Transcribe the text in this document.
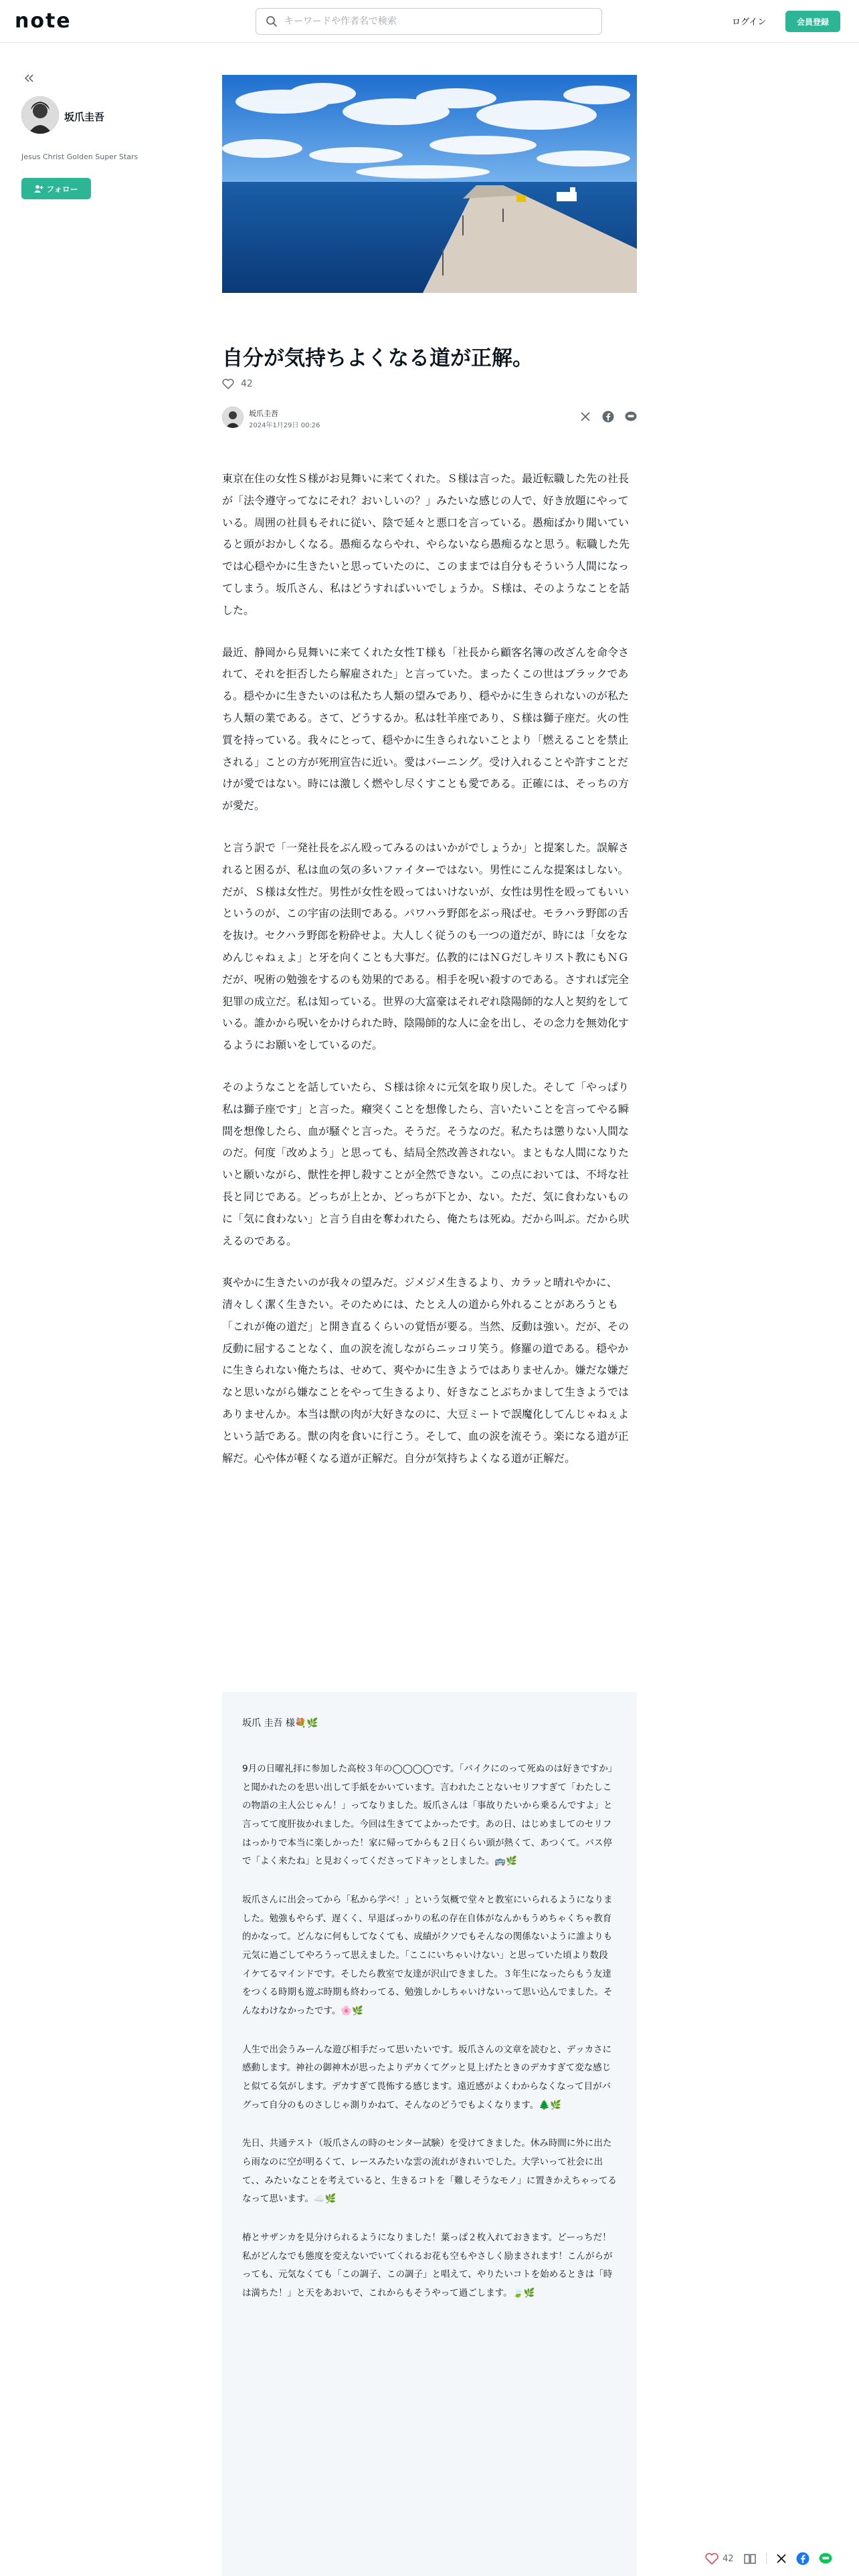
note
キーワードや作者名で検索	ログイン	会員登録
坂爪圭吾
Jesus Christ Golden Super Stars
フォロー
自分が気持ちよくなる道が正解。
42
坂爪圭吾
2024年1月29日 00:26

東京在住の女性Ｓ様がお見舞いに来てくれた。Ｓ様は言った。最近転職した先の社長が「法令遵守ってなにそれ？おいしいの？」みたいな感じの人で、好き放題にやっている。周囲の社員もそれに従い、陰で延々と悪口を言っている。愚痴ばかり聞いていると頭がおかしくなる。愚痴るならやれ、やらないなら愚痴るなと思う。転職した先では心穏やかに生きたいと思っていたのに、このままでは自分もそういう人間になってしまう。坂爪さん、私はどうすればいいでしょうか。Ｓ様は、そのようなことを話した。

最近、静岡から見舞いに来てくれた女性Ｔ様も「社長から顧客名簿の改ざんを命令されて、それを拒否したら解雇された」と言っていた。まったくこの世はブラックである。穏やかに生きたいのは私たち人類の望みであり、穏やかに生きられないのが私たち人類の業である。さて、どうするか。私は牡羊座であり、Ｓ様は獅子座だ。火の性質を持っている。我々にとって、穏やかに生きられないことより「燃えることを禁止される」ことの方が死刑宣告に近い。愛はバーニング。受け入れることや許すことだけが愛ではない。時には激しく燃やし尽くすことも愛である。正確には、そっちの方が愛だ。

と言う訳で「一発社長をぶん殴ってみるのはいかがでしょうか」と提案した。誤解されると困るが、私は血の気の多いファイターではない。男性にこんな提案はしない。だが、Ｓ様は女性だ。男性が女性を殴ってはいけないが、女性は男性を殴ってもいいというのが、この宇宙の法則である。パワハラ野郎をぶっ飛ばせ。モラハラ野郎の舌を抜け。セクハラ野郎を粉砕せよ。大人しく従うのも一つの道だが、時には「女をなめんじゃねぇよ」と牙を向くことも大事だ。仏教的にはＮＧだしキリスト教にもＮＧだが、呪術の勉強をするのも効果的である。相手を呪い殺すのである。さすれば完全犯罪の成立だ。私は知っている。世界の大富豪はそれぞれ陰陽師的な人と契約をしている。誰かから呪いをかけられた時、陰陽師的な人に金を出し、その念力を無効化するようにお願いをしているのだ。

そのようなことを話していたら、Ｓ様は徐々に元気を取り戻した。そして「やっぱり私は獅子座です」と言った。癪突くことを想像したら、言いたいことを言ってやる瞬間を想像したら、血が騒ぐと言った。そうだ。そうなのだ。私たちは懲りない人間なのだ。何度「改めよう」と思っても、結局全然改善されない。まともな人間になりたいと願いながら、獣性を押し殺すことが全然できない。この点においては、不埒な社長と同じである。どっちが上とか、どっちが下とか、ない。ただ、気に食わないものに「気に食わない」と言う自由を奪われたら、俺たちは死ぬ。だから叫ぶ。だから吠えるのである。

爽やかに生きたいのが我々の望みだ。ジメジメ生きるより、カラッと晴れやかに、清々しく潔く生きたい。そのためには、たとえ人の道から外れることがあろうとも「これが俺の道だ」と開き直るくらいの覚悟が要る。当然、反動は強い。だが、その反動に屈することなく、血の涙を流しながらニッコリ笑う。修羅の道である。穏やかに生きられない俺たちは、せめて、爽やかに生きようではありませんか。嫌だな嫌だなと思いながら嫌なことをやって生きるより、好きなことぶちかまして生きようではありませんか。本当は獣の肉が大好きなのに、大豆ミートで誤魔化してんじゃねぇよという話である。獣の肉を食いに行こう。そして、血の涙を流そう。楽になる道が正解だ。心や体が軽くなる道が正解だ。自分が気持ちよくなる道が正解だ。

坂爪 圭吾 様💐🌿

9月の日曜礼拝に参加した高校３年の◯◯◯◯です。「バイクにのって死ぬのは好きですか」と聞かれたのを思い出して手紙をかいています。言われたことないセリフすぎて「わたしこの物語の主人公じゃん！」ってなりました。坂爪さんは「事故りたいから乗るんですよ」と言ってて度肝抜かれました。今回は生きててよかったです。あの日、はじめましてのセリフはっかりで本当に楽しかった！家に帰ってからも２日くらい頭が熱くて、あつくて。バス停で「よく来たね」と見おくってくださってドキッとしました。🚌🌿

坂爪さんに出会ってから「私から学べ！」という気概で堂々と教室にいられるようになりました。勉強もやらず、遅くく、早退ばっかりの私の存在自体がなんかもうめちゃくちゃ教育的かなって。どんなに何もしてなくても、成績がクソでもそんなの関係ないように誰よりも元気に過ごしてやろうって思えました。「ここにいちゃいけない」と思っていた頃より数段イケてるマインドです。そしたら教室で友達が沢山できました。３年生になったらもう友達をつくる時期も遊ぶ時期も終わってる、勉強しかしちゃいけないって思い込んでました。そんなわけなかったです。🌸🌿

人生で出会うみーんな遊び相手だって思いたいです。坂爪さんの文章を読むと、デッカさに感動します。神社の御神木が思ったよりデカくてグッと見上げたときのデカすぎて変な感じと似てる気がします。デカすぎて畏怖する感じます。遠近感がよくわからなくなって目がバグって自分のものさしじゃ測りかねて、そんなのどうでもよくなります。🌲🌿

先日、共通テスト（坂爪さんの時のセンター試験）を受けてきました。休み時間に外に出たら雨なのに空が明るくて、レースみたいな雲の流れがきれいでした。大学いって社会に出て、、みたいなことを考えていると、生きるコトを「難しそうなモノ」に置きかえちゃってるなって思います。☁️🌿

椿とサザンカを見分けられるようになりました！葉っぱ２枚入れておきます。どーっちだ！私がどんなでも態度を変えないでいてくれるお花も空もやさしく励まされます！こんがらがっても、元気なくても「この調子、この調子」と唱えて、やりたいコトを始めるときは「時は満ちた！」と天をあおいで、これからもそうやって過ごします。🍃🌿

42
